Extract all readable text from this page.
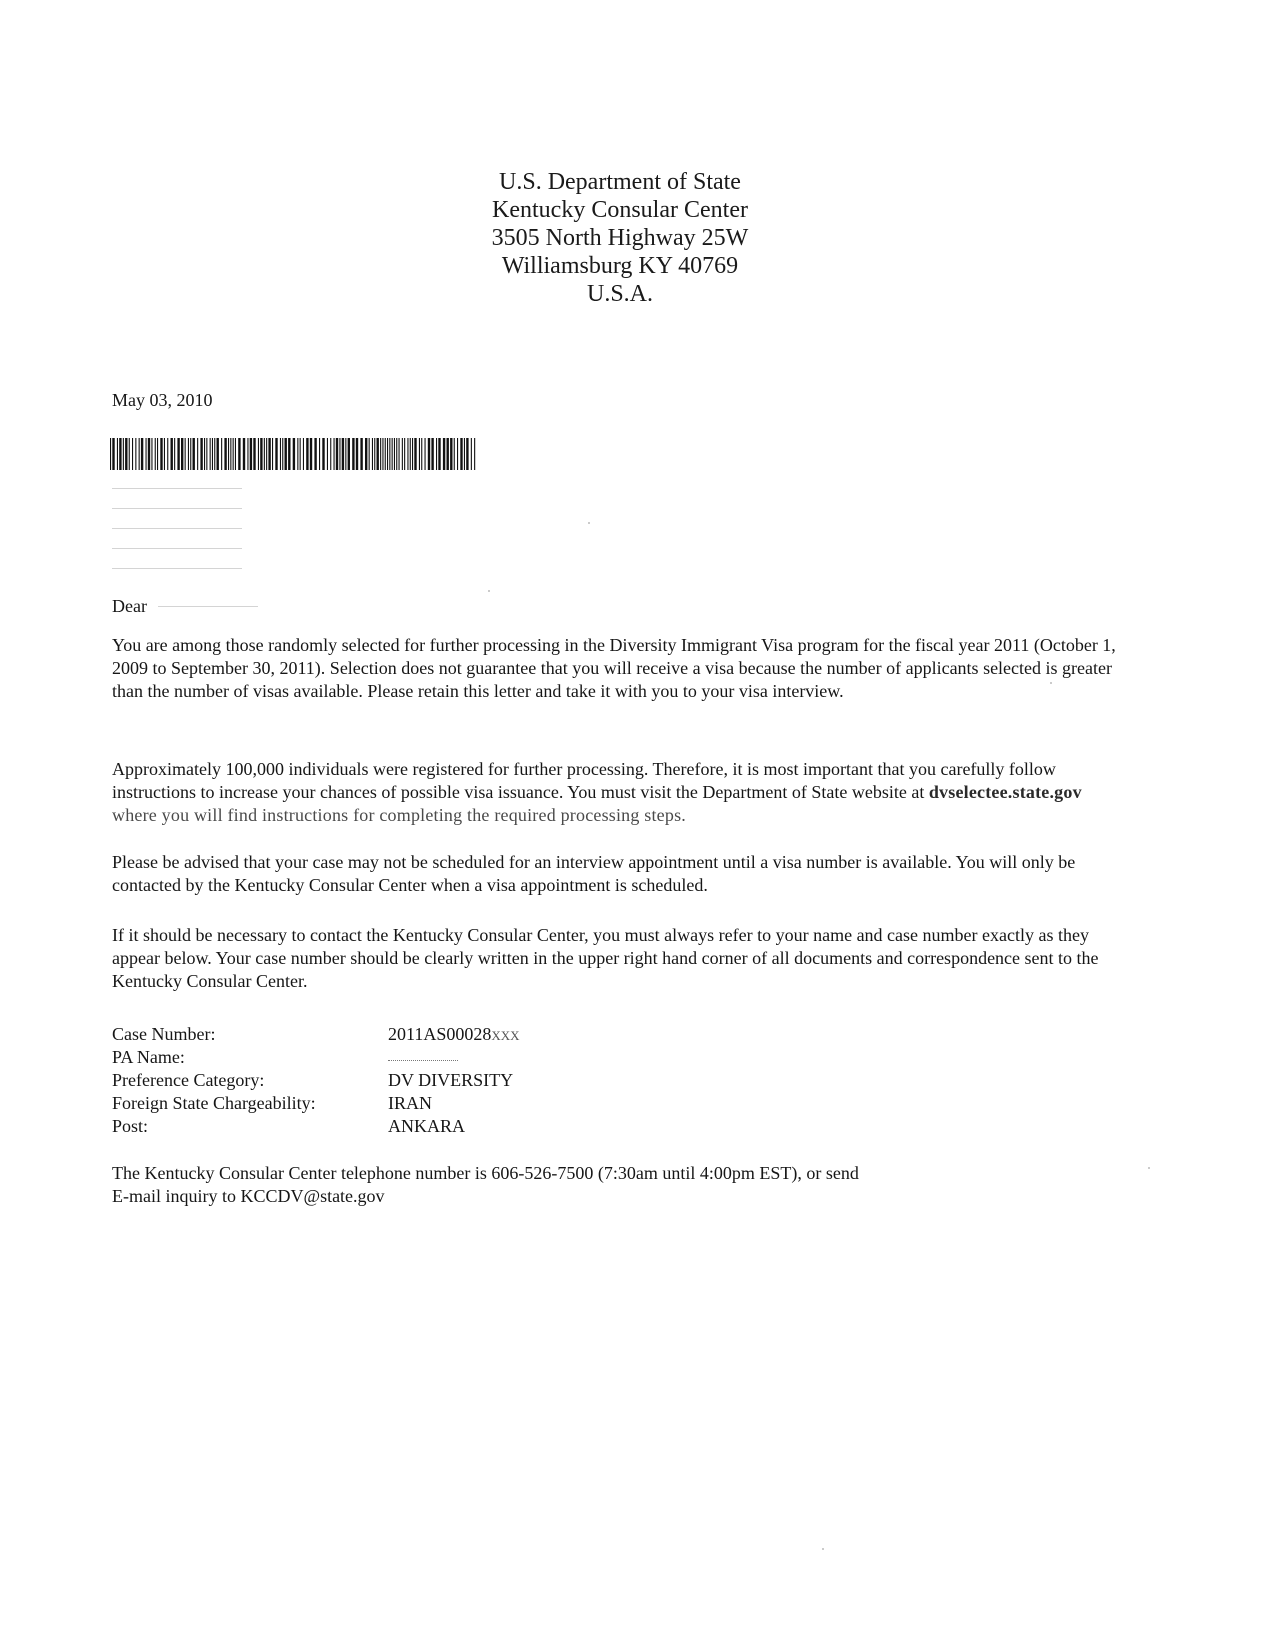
U.S. Department of State
Kentucky Consular Center
3505 North Highway 25W
Williamsburg KY 40769
U.S.A.
May 03, 2010
Dear

You are among those randomly selected for further processing in the Diversity Immigrant Visa program for the fiscal year 2011 (October 1, 2009 to September 30, 2011). Selection does not guarantee that you will receive a visa because the number of applicants selected is greater than the number of visas available. Please retain this letter and take it with you to your visa interview.

Approximately 100,000 individuals were registered for further processing. Therefore, it is most important that you carefully follow instructions to increase your chances of possible visa issuance. You must visit the Department of State website at dvselectee.state.gov where you will find instructions for completing the required processing steps.

Please be advised that your case may not be scheduled for an interview appointment until a visa number is available. You will only be contacted by the Kentucky Consular Center when a visa appointment is scheduled.

If it should be necessary to contact the Kentucky Consular Center, you must always refer to your name and case number exactly as they appear below. Your case number should be clearly written in the upper right hand corner of all documents and correspondence sent to the Kentucky Consular Center.

Case Number:	2011AS00028XXX
PA Name:
Preference Category:	DV DIVERSITY
Foreign State Chargeability:	IRAN
Post:	ANKARA

The Kentucky Consular Center telephone number is 606-526-7500 (7:30am until 4:00pm EST), or send
E-mail inquiry to KCCDV@state.gov
